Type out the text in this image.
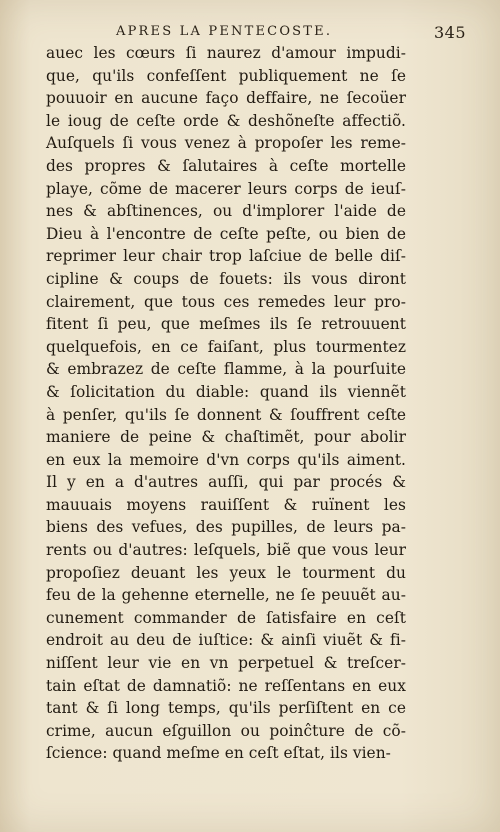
APRES LA PENTECOSTE.	345
auec les cœurs ſi naurez d'amour impudi-
que, qu'ils confeſſent publiquement ne ſe
pouuoir en aucune faço deffaire, ne ſecoüer
le ioug de ceſte orde & deshõneſte affectiõ.
Auſquels ſi vous venez à propoſer les reme-
des propres & ſalutaires à ceſte mortelle
playe, cõme de macerer leurs corps de ieuſ-
nes & abſtinences, ou d'implorer l'aide de
Dieu à l'encontre de ceſte peſte, ou bien de
reprimer leur chair trop laſciue de belle diſ-
cipline & coups de fouets: ils vous diront
clairement, que tous ces remedes leur pro-
fitent ſi peu, que meſmes ils ſe retrouuent
quelquefois, en ce faiſant, plus tourmentez
& embrazez de ceſte flamme, à la pourſuite
& ſolicitation du diable: quand ils viennẽt
à penſer, qu'ils ſe donnent & ſouffrent ceſte
maniere de peine & chaſtimẽt, pour abolir
en eux la memoire d'vn corps qu'ils aiment.
Il y en a d'autres auſſi, qui par procés &
mauuais moyens rauiſſent & ruïnent les
biens des vefues, des pupilles, de leurs pa-
rents ou d'autres: leſquels, biẽ que vous leur
propoſiez deuant les yeux le tourment du
feu de la gehenne eternelle, ne ſe peuuẽt au-
cunement commander de ſatisfaire en ceſt
endroit au deu de iuſtice: & ainſi viuẽt & fi-
niſſent leur vie en vn perpetuel & treſcer-
tain eſtat de damnatiõ: ne reſſentans en eux
tant & ſi long temps, qu'ils perſiſtent en ce
crime, aucun eſguillon ou poinĉture de cõ-
ſcience: quand meſme en ceſt eſtat, ils vien-
